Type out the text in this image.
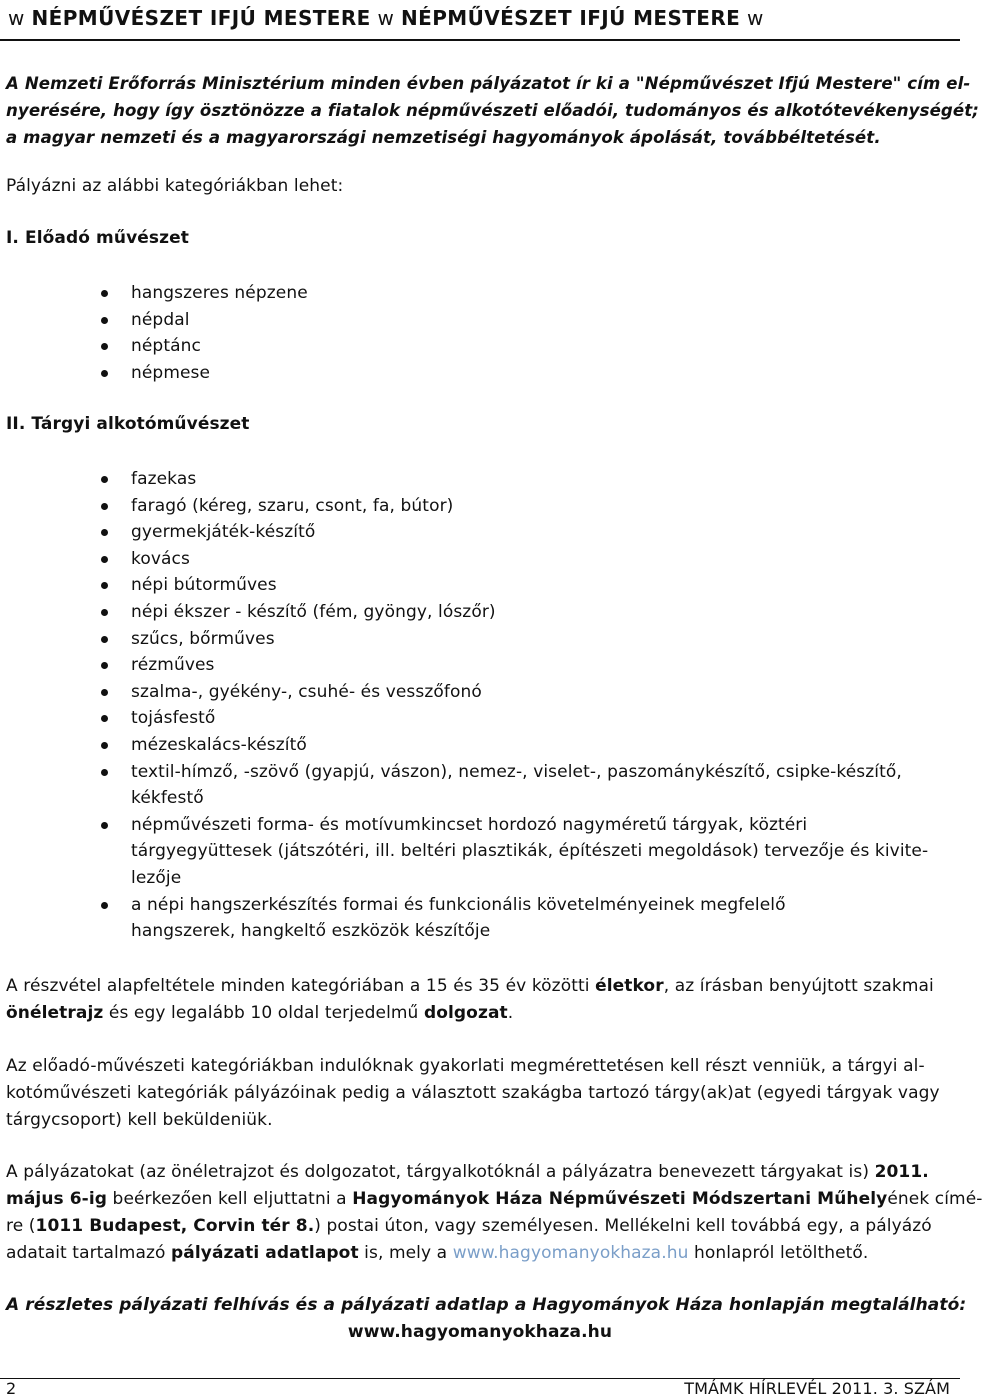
w NÉPMŰVÉSZET IFJÚ MESTERE w NÉPMŰVÉSZET IFJÚ MESTERE w
A Nemzeti Erőforrás Minisztérium minden évben pályázatot ír ki a "Népművészet Ifjú Mestere" cím el-
nyerésére, hogy így ösztönözze a fiatalok népművészeti előadói, tudományos és alkotótevékenységét;
a magyar nemzeti és a magyarországi nemzetiségi hagyományok ápolását, továbbéltetését.
Pályázni az alábbi kategóriákban lehet:
I. Előadó művészet
hangszeres népzene
népdal
néptánc
népmese
II. Tárgyi alkotóművészet
fazekas
faragó (kéreg, szaru, csont, fa, bútor)
gyermekjáték-készítő
kovács
népi bútorműves
népi ékszer - készítő (fém, gyöngy, lószőr)
szűcs, bőrműves
rézműves
szalma-, gyékény-, csuhé- és vesszőfonó
tojásfestő
mézeskalács-készítő
textil-hímző, -szövő (gyapjú, vászon), nemez-, viselet-, paszománykészítő, csipke-készítő,
kékfestő
népművészeti forma- és motívumkincset hordozó nagyméretű tárgyak, köztéri
tárgyegyüttesek (játszótéri, ill. beltéri plasztikák, építészeti megoldások) tervezője és kivite-
lezője
a népi hangszerkészítés formai és funkcionális követelményeinek megfelelő
hangszerek, hangkeltő eszközök készítője
A részvétel alapfeltétele minden kategóriában a 15 és 35 év közötti életkor, az írásban benyújtott szakmai
önéletrajz és egy legalább 10 oldal terjedelmű dolgozat.
Az előadó-művészeti kategóriákban indulóknak gyakorlati megmérettetésen kell részt venniük, a tárgyi al-
kotóművészeti kategóriák pályázóinak pedig a választott szakágba tartozó tárgy(ak)at (egyedi tárgyak vagy
tárgycsoport) kell beküldeniük.
A pályázatokat (az önéletrajzot és dolgozatot, tárgyalkotóknál a pályázatra benevezett tárgyakat is) 2011.
május 6-ig beérkezően kell eljuttatni a Hagyományok Háza Népművészeti Módszertani Műhelyének címé-
re (1011 Budapest, Corvin tér 8.) postai úton, vagy személyesen. Mellékelni kell továbbá egy, a pályázó
adatait tartalmazó pályázati adatlapot is, mely a www.hagyomanyokhaza.hu honlapról letölthető.
A részletes pályázati felhívás és a pályázati adatlap a Hagyományok Háza honlapján megtalálható:
www.hagyomanyokhaza.hu
2	TMÁMK HÍRLEVÉL 2011. 3. SZÁM
